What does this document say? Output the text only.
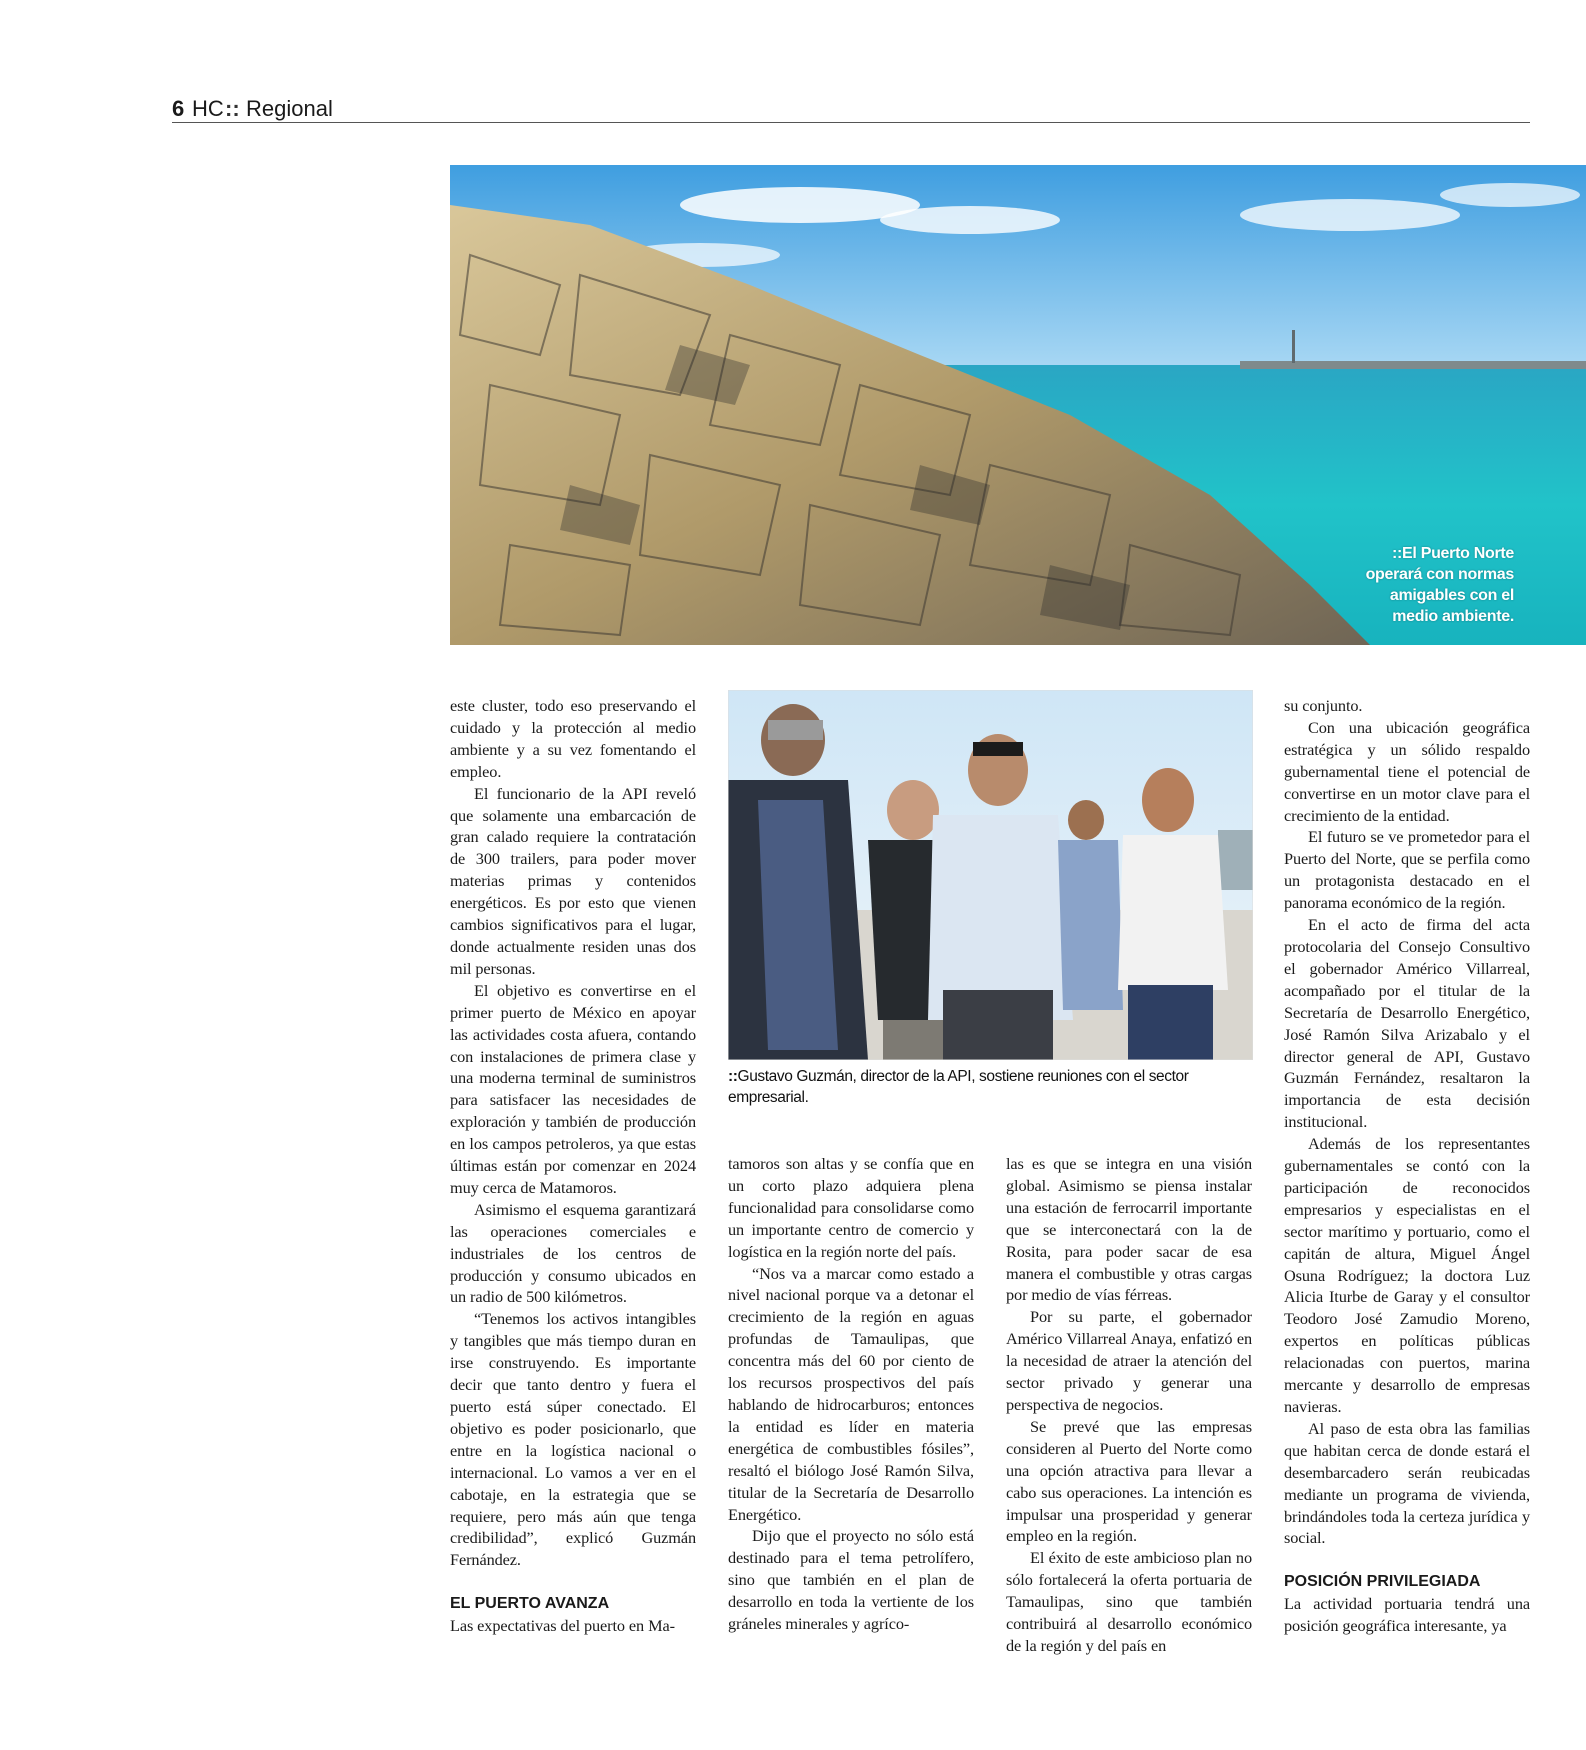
6 HC :: Regional
::El Puerto Norte
operará con normas
amigables con el
medio ambiente.
::Gustavo Guzmán, director de la API, sostiene reuniones con el sector empresarial.

este cluster, todo eso preservando el cuidado y la protección al medio ambiente y a su vez fomentando el empleo.

El funcionario de la API reveló que solamente una embarcación de gran calado requiere la contratación de 300 trailers, para poder mover materias primas y contenidos energéticos. Es por esto que vienen cambios significativos para el lugar, donde actualmente residen unas dos mil personas.

El objetivo es convertirse en el primer puerto de México en apoyar las actividades costa afuera, contando con instalaciones de primera clase y una moderna terminal de suministros para satisfacer las necesidades de exploración y también de producción en los campos petroleros, ya que estas últimas están por comenzar en 2024 muy cerca de Matamoros.

Asimismo el esquema garantizará las operaciones comerciales e industriales de los centros de producción y consumo ubicados en un radio de 500 kilómetros.

“Tenemos los activos intangibles y tangibles que más tiempo duran en irse construyendo. Es importante decir que tanto dentro y fuera el puerto está súper conectado. El objetivo es poder posicionarlo, que entre en la logística nacional o internacional. Lo vamos a ver en el cabotaje, en la estrategia que se requiere, pero más aún que tenga credibilidad”, explicó Guzmán Fernández.

EL PUERTO AVANZA

Las expectativas del puerto en Ma-

tamoros son altas y se confía que en un corto plazo adquiera plena funcionalidad para consolidarse como un importante centro de comercio y logística en la región norte del país.

“Nos va a marcar como estado a nivel nacional porque va a detonar el crecimiento de la región en aguas profundas de Tamaulipas, que concentra más del 60 por ciento de los recursos prospectivos del país hablando de hidrocarburos; entonces la entidad es líder en materia energética de combustibles fósiles”, resaltó el biólogo José Ramón Silva, titular de la Secretaría de Desarrollo Energético.

Dijo que el proyecto no sólo está destinado para el tema petrolífero, sino que también en el plan de desarrollo en toda la vertiente de los gráneles minerales y agríco-

las es que se integra en una visión global. Asimismo se piensa instalar una estación de ferrocarril importante que se interconectará con la de Rosita, para poder sacar de esa manera el combustible y otras cargas por medio de vías férreas.

Por su parte, el gobernador Américo Villarreal Anaya, enfatizó en la necesidad de atraer la atención del sector privado y generar una perspectiva de negocios.

Se prevé que las empresas consideren al Puerto del Norte como una opción atractiva para llevar a cabo sus operaciones. La intención es impulsar una prosperidad y generar empleo en la región.

El éxito de este ambicioso plan no sólo fortalecerá la oferta portuaria de Tamaulipas, sino que también contribuirá al desarrollo económico de la región y del país en

su conjunto.

Con una ubicación geográfica estratégica y un sólido respaldo gubernamental tiene el potencial de convertirse en un motor clave para el crecimiento de la entidad.

El futuro se ve prometedor para el Puerto del Norte, que se perfila como un protagonista destacado en el panorama económico de la región.

En el acto de firma del acta protocolaria del Consejo Consultivo el gobernador Américo Villarreal, acompañado por el titular de la Secretaría de Desarrollo Energético, José Ramón Silva Arizabalo y el director general de API, Gustavo Guzmán Fernández, resaltaron la importancia de esta decisión institucional.

Además de los representantes gubernamentales se contó con la participación de reconocidos empresarios y especialistas en el sector marítimo y portuario, como el capitán de altura, Miguel Ángel Osuna Rodríguez; la doctora Luz Alicia Iturbe de Garay y el consultor Teodoro José Zamudio Moreno, expertos en políticas públicas relacionadas con puertos, marina mercante y desarrollo de empresas navieras.

Al paso de esta obra las familias que habitan cerca de donde estará el desembarcadero serán reubicadas mediante un programa de vivienda, brindándoles toda la certeza jurídica y social.

POSICIÓN PRIVILEGIADA

La actividad portuaria tendrá una posición geográfica interesante, ya
